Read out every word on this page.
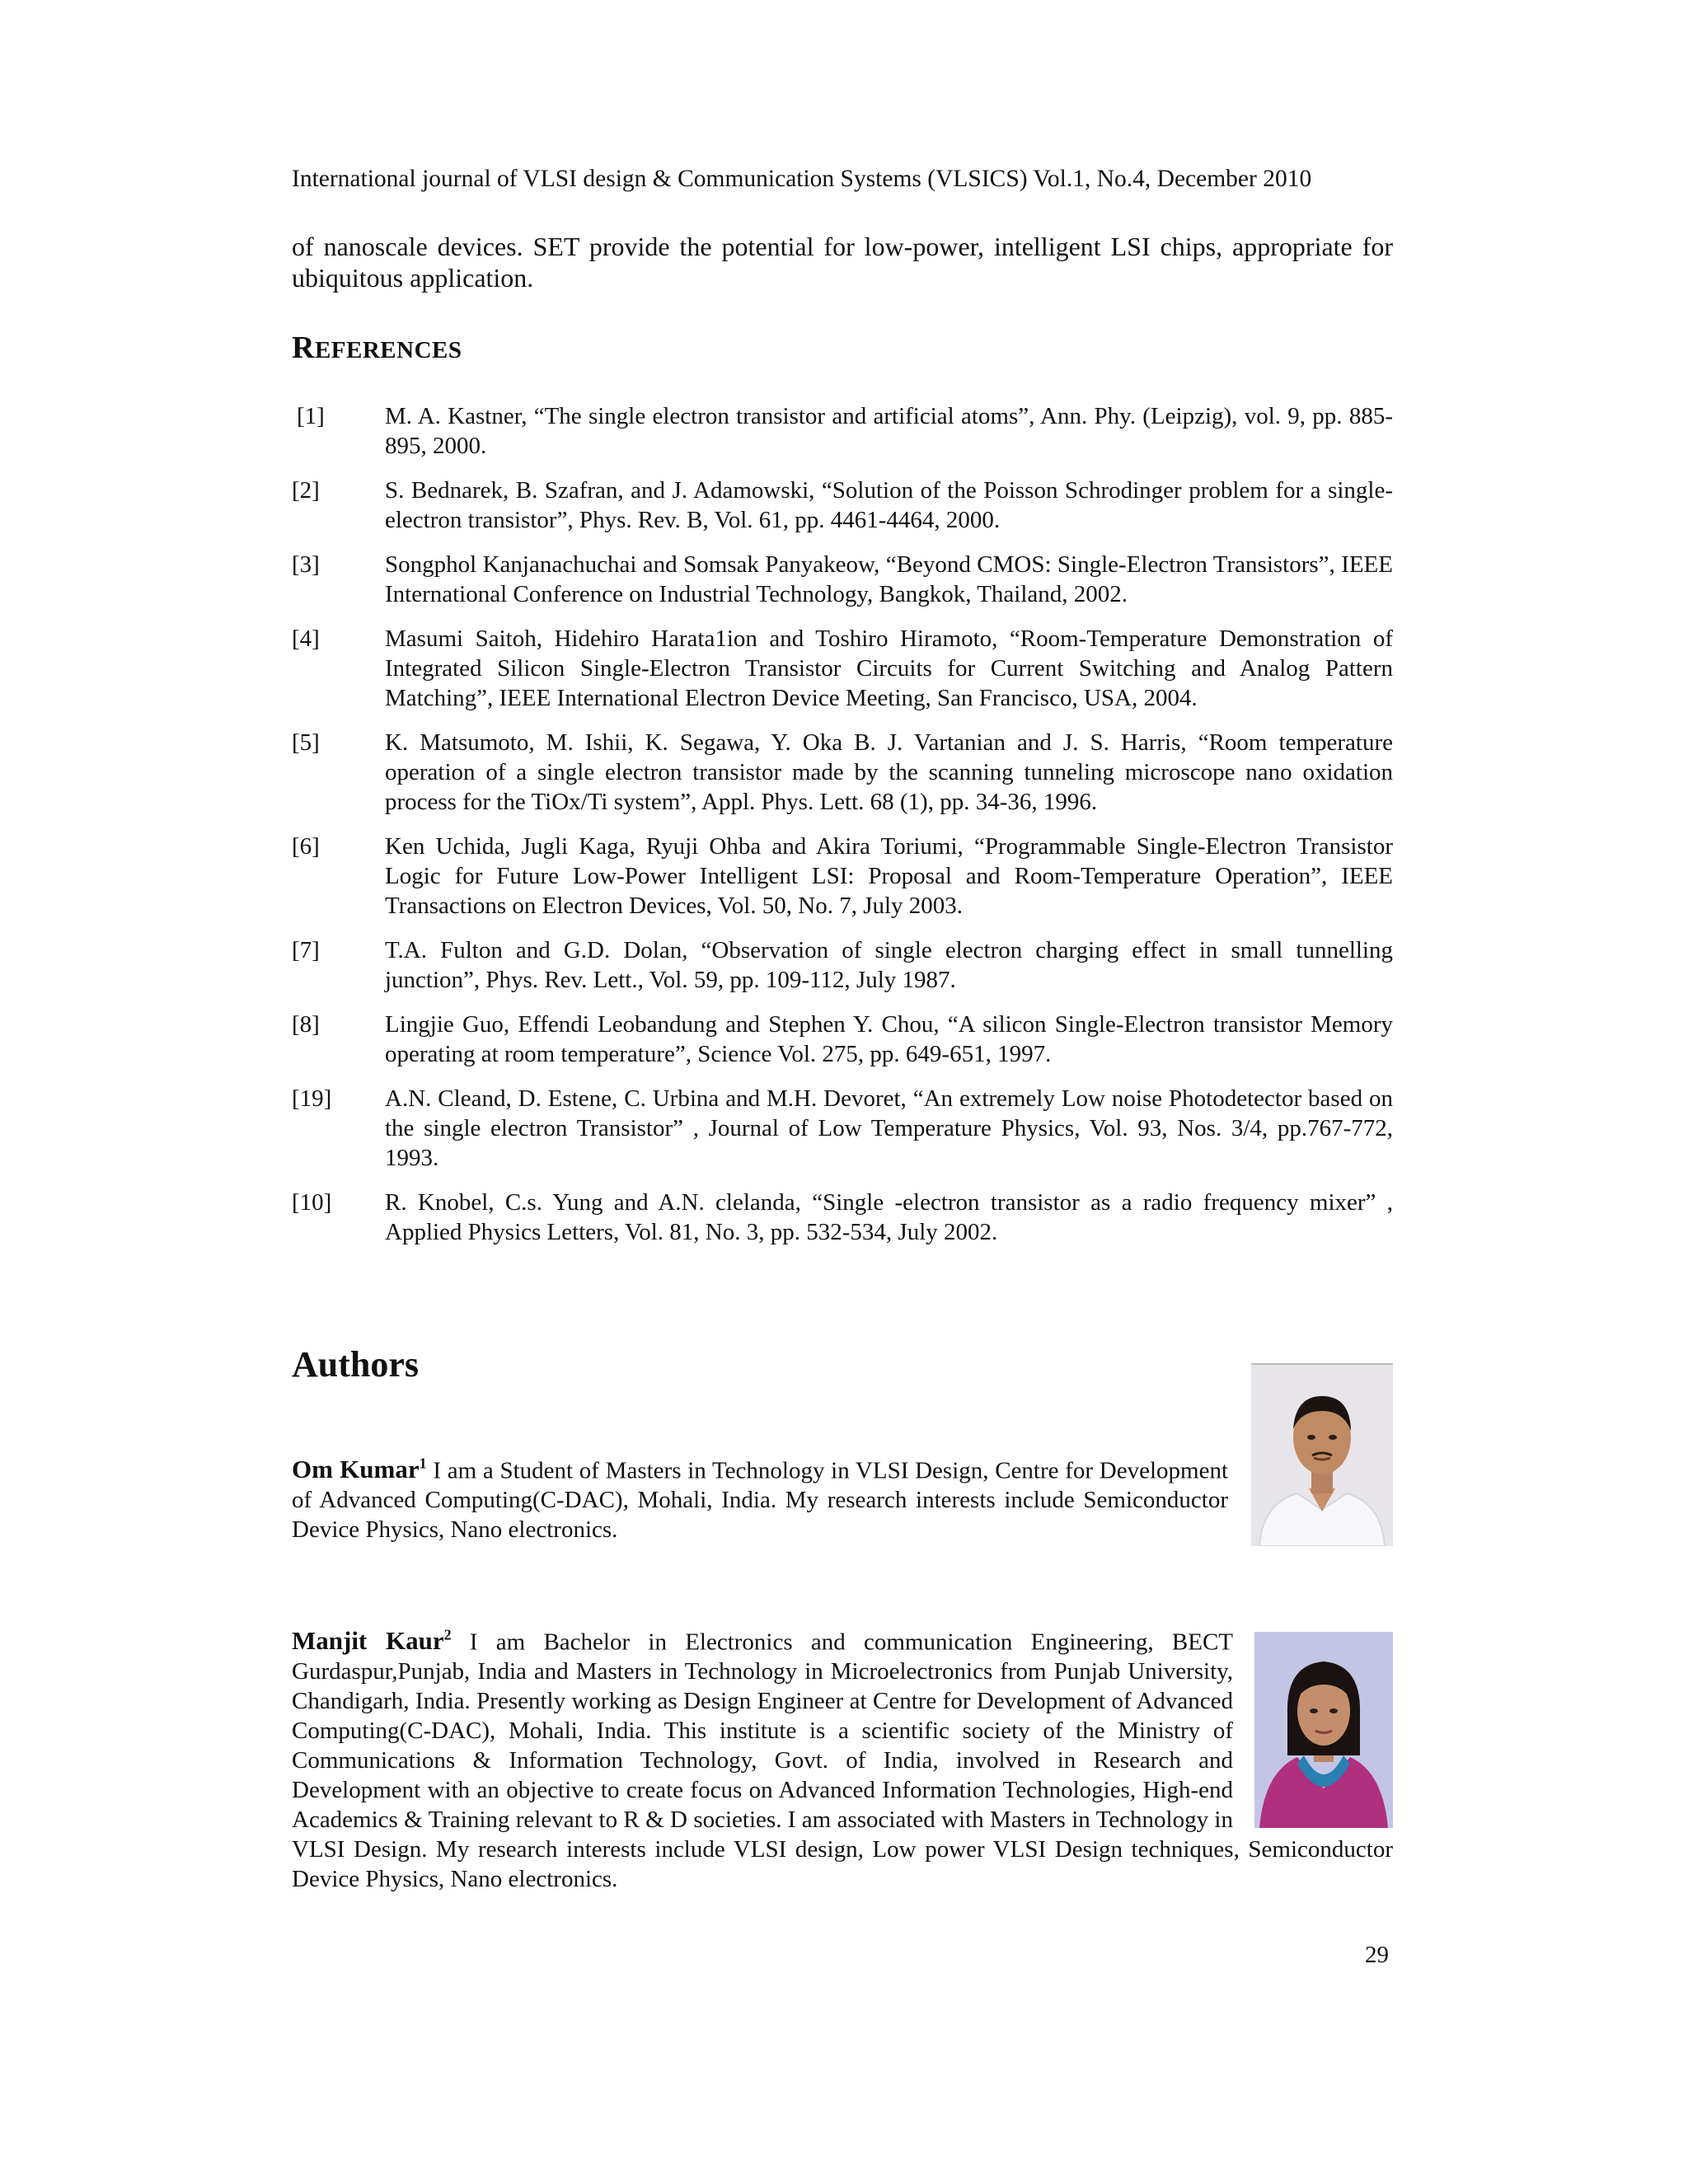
International journal of VLSI design & Communication Systems (VLSICS) Vol.1, No.4, December 2010
of nanoscale devices. SET provide the potential for low-power, intelligent LSI chips, appropriate for ubiquitous application.
REFERENCES
[1]	M. A. Kastner, “The single electron transistor and artificial atoms”, Ann. Phy. (Leipzig), vol. 9, pp. 885-895, 2000.
[2]	S. Bednarek, B. Szafran, and J. Adamowski, “Solution of the Poisson Schrodinger problem for a single-electron transistor”, Phys. Rev. B, Vol. 61, pp. 4461-4464, 2000.
[3]	Songphol Kanjanachuchai and Somsak Panyakeow, “Beyond CMOS: Single-Electron Transistors”, IEEE International Conference on Industrial Technology, Bangkok, Thailand, 2002.
[4]	Masumi Saitoh, Hidehiro Harata1ion and Toshiro Hiramoto, “Room-Temperature Demonstration of Integrated Silicon Single-Electron Transistor Circuits for Current Switching and Analog Pattern Matching”, IEEE International Electron Device Meeting, San Francisco, USA, 2004.
[5]	K. Matsumoto, M. Ishii, K. Segawa, Y. Oka B. J. Vartanian and J. S. Harris, “Room temperature operation of a single electron transistor made by the scanning tunneling microscope nano oxidation process for the TiOx/Ti system”, Appl. Phys. Lett. 68 (1), pp. 34-36, 1996.
[6]	Ken Uchida, Jugli Kaga, Ryuji Ohba and Akira Toriumi, “Programmable Single-Electron Transistor Logic for Future Low-Power Intelligent LSI: Proposal and Room-Temperature Operation”, IEEE Transactions on Electron Devices, Vol. 50, No. 7, July 2003.
[7]	T.A. Fulton and G.D. Dolan, “Observation of single electron charging effect in small tunnelling junction”, Phys. Rev. Lett., Vol. 59, pp. 109-112, July 1987.
[8]	Lingjie Guo, Effendi Leobandung and Stephen Y. Chou, “A silicon Single-Electron transistor Memory operating at room temperature”, Science Vol. 275, pp. 649-651, 1997.
[19] A.N. Cleand, D. Estene, C. Urbina and M.H. Devoret, “An extremely Low noise Photodetector based on the single electron Transistor” , Journal of Low Temperature Physics, Vol. 93, Nos. 3/4, pp.767-772, 1993.
[10] R. Knobel, C.s. Yung and A.N. clelanda, “Single -electron transistor as a radio frequency mixer” , Applied Physics Letters, Vol. 81, No. 3, pp. 532-534, July 2002.
Authors
Om Kumar$^1$ I am a Student of Masters in Technology in VLSI Design, Centre for Development of Advanced Computing(C-DAC), Mohali, India. My research interests include Semiconductor Device Physics, Nano electronics.
Manjit Kaur$^2$ I am Bachelor in Electronics and communication Engineering, BECT Gurdaspur,Punjab, India and Masters in Technology in Microelectronics from Punjab University, Chandigarh, India. Presently working as Design Engineer at Centre for Development of Advanced Computing(C-DAC), Mohali, India. This institute is a scientific society of the Ministry of Communications & Information Technology, Govt. of India, involved in Research and Development with an objective to create focus on Advanced Information Technologies, High-end Academics & Training relevant to R & D societies. I am associated with Masters in Technology in VLSI Design. My research interests include VLSI design, Low power VLSI Design techniques, Semiconductor Device Physics, Nano electronics.
29
